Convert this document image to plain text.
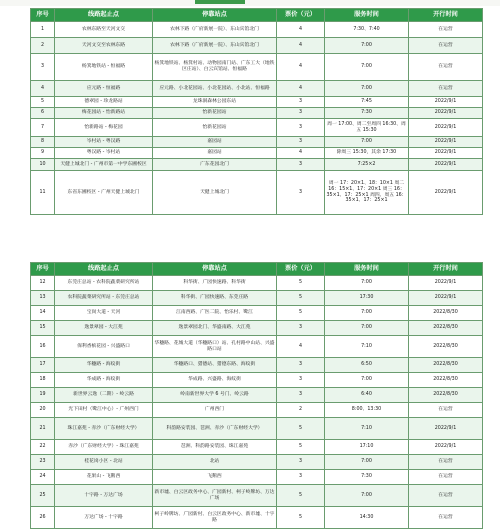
序号	线路起止点	停靠站点	票价（元）	服务时间	开行时间
1	农林东路至天河文交	农林下路（广府新展一院）、东山宾馆北门	4	7:30、7:40	在运营
2	天河文交至农林东路	农林下路（广府新展一院）、东山宾馆北门	4	7:00	在运营
3	杨箕地铁站 - 恒福路	杨箕地铁站、杨箕村站、动物园南门站、广东工大（地铁区庄站）、白云宾馆站、恒福路	4	7:00	在运营
4	应元路 - 恒福路	应元路、小北花园站、小北花园站、小北站、恒福路	4	7:00	在运营
5	德翠园 - 珍龙路站	龙珠洞森林公园东站	3	7:45	2022/9/1
6	梅花园站 - 怡新路站	怡新花园站	3	7:30	2022/9/1
7	怡新路站 - 梅花园	怡新花园站	3	周一 17:00、周二至周四 16:30、周五 15:30	2022/9/1
8	岑村站 - 粤汉路	嘉园站	3	7:00	2022/9/1
9	粤汉路 - 岑村站	嘉园站	4	除周三 15:30，其余 17:30	2022/9/1
10	天健上城北门 - 广州市第一中学东圃校区	广东花园北门	3	7:25×2	2022/9/1
11	东省东圃校区 - 广州天健上城北门	天健上城北门	3	周一 17：20×1、18：10×1 周二 16：15×1、17：20×1 周三 16：35×1、17：25×1 周四、周五 16：35×1、17：25×1	2022/9/1
序号	线路起止点	停靠站点	票价（元）	服务时间	开行时间
12	东莞庄总站 - 农科院蔬菜研究所站	科华街、广园快速路、科华街	5	7:00	2022/9/1
13	农科院蔬菜研究所站 - 东莞庄总站	科华街、广园快速路、东莞庄路	5	17:30	2022/9/1
14	宝岗大道 - 天河	江南西路、广医二院、怡乐村、鹭江	5	7:00	2022/8/30
15	逸景翠园 - 大江苑	逸景翠园北门、华盛南路、大江苑	3	7:00	2022/8/30
16	保利香槟花园 - 兴盛路口	华穗路、花城大道（华穗路口）站、孔村路中山站、兴盛路口站	4	7:10	2022/8/30
17	华穗路 - 海纹街	华穗路口、猎德站、猎德东路、海纹街	3	6:50	2022/8/30
18	华成路 - 海纹街	华成路、兴盛路、海纹街	3	7:00	2022/8/30
19	新世界云逸（二期）- 岭云路	岭南新世界大学 6 号门、岭云路	3	6:40	2022/8/30
20	光下田村（鹭江中心）- 广州西门	广州西门	2	8:00、13:30	在运营
21	珠江嘉苑 - 赤沙（广东财经大学）	科韵路安装园、琶洲、赤沙（广东财经大学）	5	7:10	2022/9/1
22	赤沙（广东财经大学）- 珠江嘉苑	琶洲、科韵路安装园、珠江嘉苑	5	17:10	2022/9/1
23	桂花岗小区 - 北站	北站	3	7:00	在运营
24	花果山 - 飞鹅西	飞鹅西	3	7:30	在运营
25	十字路 - 万达广场	新市墟、白云区政务中心、广园新村、柯子岭牌坊、万达广场	5	7:00	在运营
26	万达广场 - 十字路	柯子岭牌坊、广园新村、白云区政务中心、新市墟、十字路	5	14:30	在运营
